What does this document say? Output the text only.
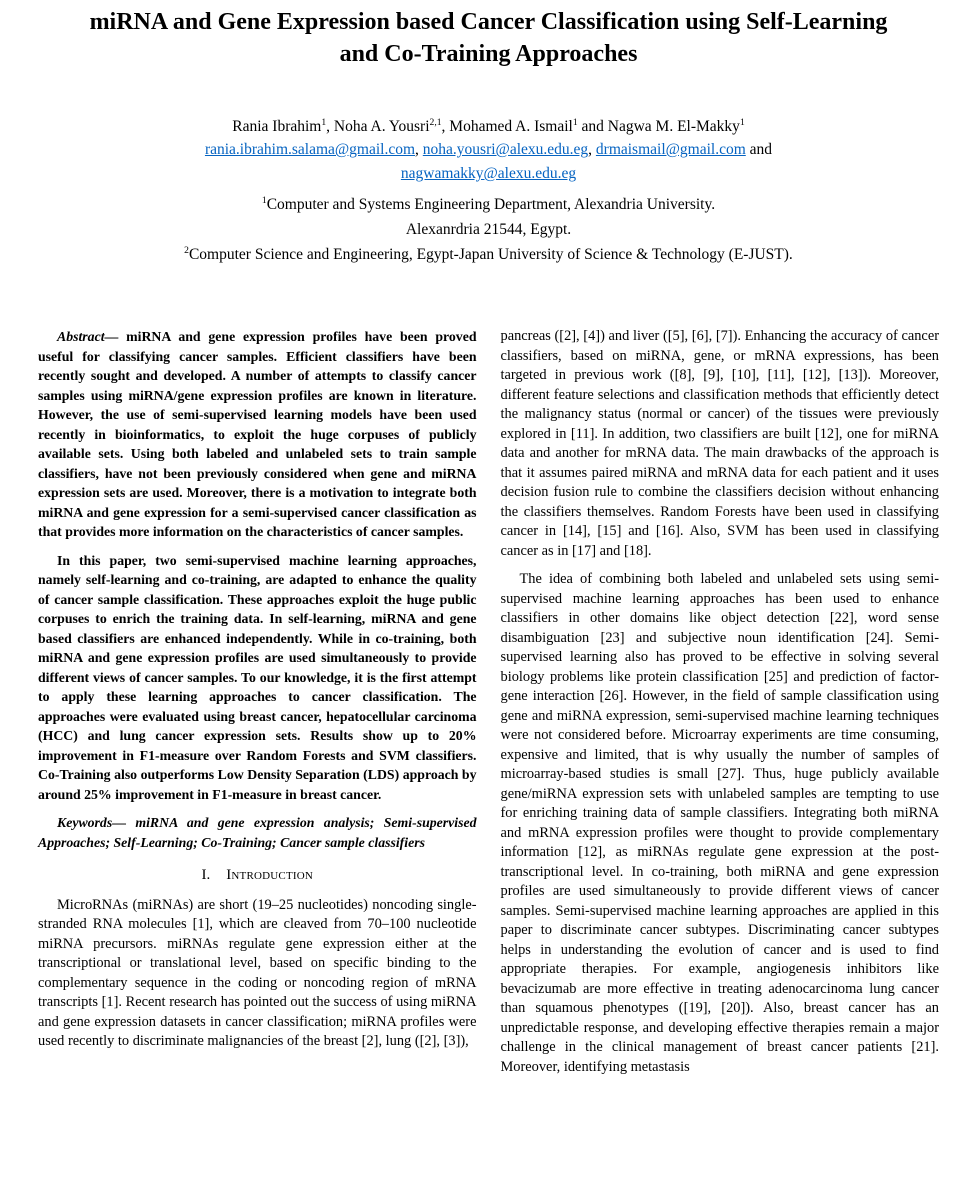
miRNA and Gene Expression based Cancer Classification using Self-Learning and Co-Training Approaches
Rania Ibrahim$^1$, Noha A. Yousri$^{2,1}$, Mohamed A. Ismail$^1$ and Nagwa M. El-Makky$^1$
rania.ibrahim.salama@gmail.com, noha.yousri@alexu.edu.eg, drmaismail@gmail.com and
nagwamakky@alexu.edu.eg
$^1$Computer and Systems Engineering Department, Alexandria University.
Alexanrdria 21544, Egypt.
$^2$Computer Science and Engineering, Egypt-Japan University of Science & Technology (E-JUST).

Abstract— miRNA and gene expression profiles have been proved useful for classifying cancer samples. Efficient classifiers have been recently sought and developed. A number of attempts to classify cancer samples using miRNA/gene expression profiles are known in literature. However, the use of semi-supervised learning models have been used recently in bioinformatics, to exploit the huge corpuses of publicly available sets. Using both labeled and unlabeled sets to train sample classifiers, have not been previously considered when gene and miRNA expression sets are used. Moreover, there is a motivation to integrate both miRNA and gene expression for a semi-supervised cancer classification as that provides more information on the characteristics of cancer samples.

In this paper, two semi-supervised machine learning approaches, namely self-learning and co-training, are adapted to enhance the quality of cancer sample classification. These approaches exploit the huge public corpuses to enrich the training data. In self-learning, miRNA and gene based classifiers are enhanced independently. While in co-training, both miRNA and gene expression profiles are used simultaneously to provide different views of cancer samples. To our knowledge, it is the first attempt to apply these learning approaches to cancer classification. The approaches were evaluated using breast cancer, hepatocellular carcinoma (HCC) and lung cancer expression sets. Results show up to 20% improvement in F1-measure over Random Forests and SVM classifiers. Co-Training also outperforms Low Density Separation (LDS) approach by around 25% improvement in F1-measure in breast cancer.

Keywords— miRNA and gene expression analysis; Semi-supervised Approaches; Self-Learning; Co-Training; Cancer sample classifiers

I. Introduction

MicroRNAs (miRNAs) are short (19–25 nucleotides) noncoding single-stranded RNA molecules [1], which are cleaved from 70–100 nucleotide miRNA precursors. miRNAs regulate gene expression either at the transcriptional or translational level, based on specific binding to the complementary sequence in the coding or noncoding region of mRNA transcripts [1]. Recent research has pointed out the success of using miRNA and gene expression datasets in cancer classification; miRNA profiles were used recently to discriminate malignancies of the breast [2], lung ([2], [3]),

pancreas ([2], [4]) and liver ([5], [6], [7]). Enhancing the accuracy of cancer classifiers, based on miRNA, gene, or mRNA expressions, has been targeted in previous work ([8], [9], [10], [11], [12], [13]). Moreover, different feature selections and classification methods that efficiently detect the malignancy status (normal or cancer) of the tissues were previously explored in [11]. In addition, two classifiers are built [12], one for miRNA data and another for mRNA data. The main drawbacks of the approach is that it assumes paired miRNA and mRNA data for each patient and it uses decision fusion rule to combine the classifiers decision without enhancing the classifiers themselves. Random Forests have been used in classifying cancer in [14], [15] and [16]. Also, SVM has been used in classifying cancer as in [17] and [18].

The idea of combining both labeled and unlabeled sets using semi-supervised machine learning approaches has been used to enhance classifiers in other domains like object detection [22], word sense disambiguation [23] and subjective noun identification [24]. Semi-supervised learning also has proved to be effective in solving several biology problems like protein classification [25] and prediction of factor-gene interaction [26]. However, in the field of sample classification using gene and miRNA expression, semi-supervised machine learning techniques were not considered before. Microarray experiments are time consuming, expensive and limited, that is why usually the number of samples of microarray-based studies is small [27]. Thus, huge publicly available gene/miRNA expression sets with unlabeled samples are tempting to use for enriching training data of sample classifiers. Integrating both miRNA and mRNA expression profiles were thought to provide complementary information [12], as miRNAs regulate gene expression at the post-transcriptional level. In co-training, both miRNA and gene expression profiles are used simultaneously to provide different views of cancer samples. Semi-supervised machine learning approaches are applied in this paper to discriminate cancer subtypes. Discriminating cancer subtypes helps in understanding the evolution of cancer and is used to find appropriate therapies. For example, angiogenesis inhibitors like bevacizumab are more effective in treating adenocarcinoma lung cancer than squamous phenotypes ([19], [20]). Also, breast cancer has an unpredictable response, and developing effective therapies remain a major challenge in the clinical management of breast cancer patients [21]. Moreover, identifying metastasis
